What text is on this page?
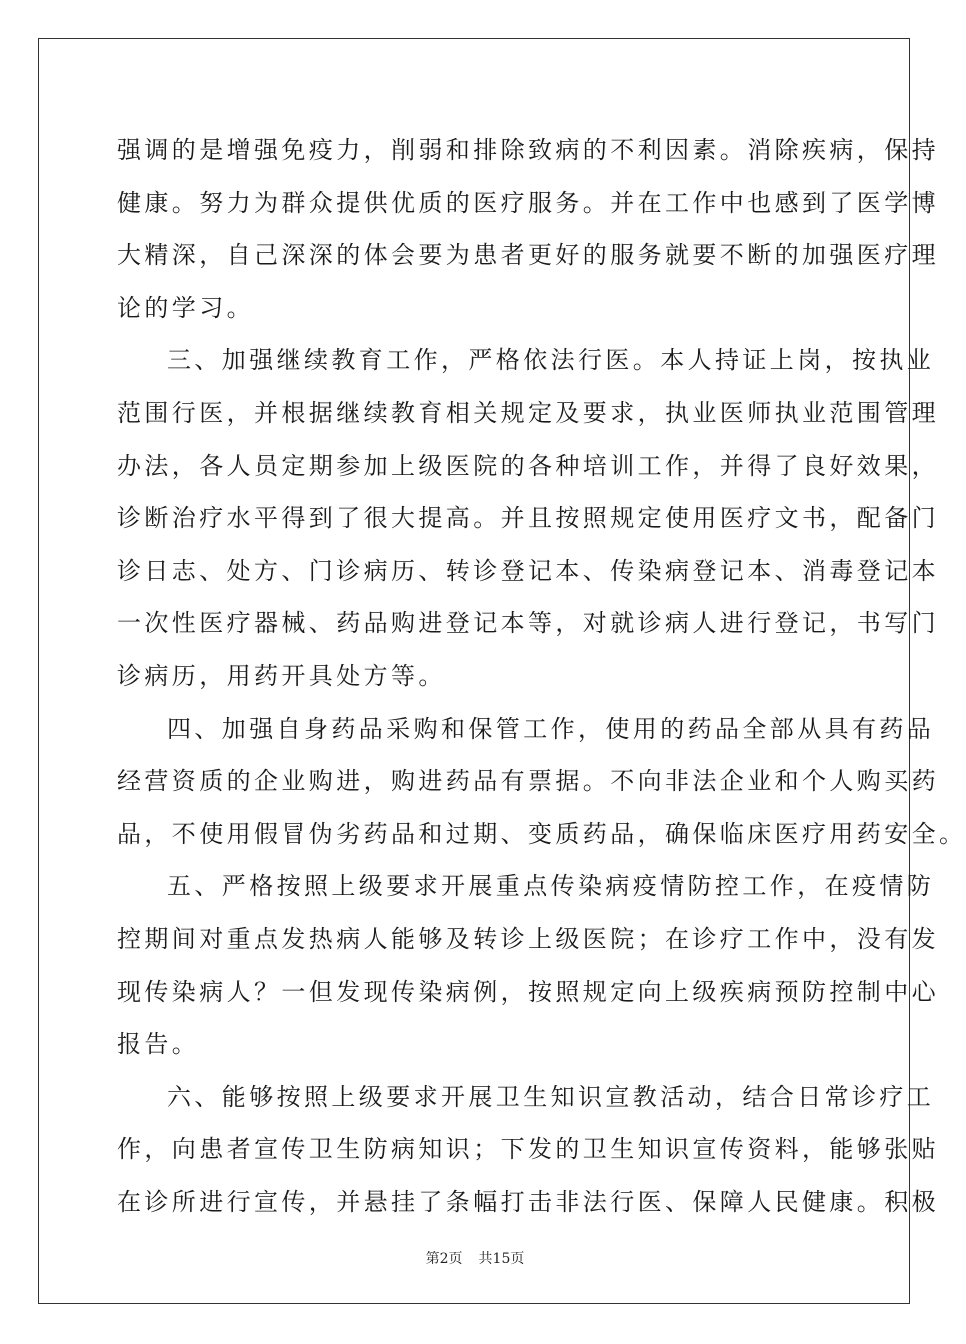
强调的是增强免疫力，削弱和排除致病的不利因素。消除疾病，保持
健康。努力为群众提供优质的医疗服务。并在工作中也感到了医学博
大精深，自己深深的体会要为患者更好的服务就要不断的加强医疗理
论的学习。
三、加强继续教育工作，严格依法行医。本人持证上岗，按执业
范围行医，并根据继续教育相关规定及要求，执业医师执业范围管理
办法，各人员定期参加上级医院的各种培训工作，并得了良好效果，
诊断治疗水平得到了很大提高。并且按照规定使用医疗文书，配备门
诊日志、处方、门诊病历、转诊登记本、传染病登记本、消毒登记本
一次性医疗器械、药品购进登记本等，对就诊病人进行登记，书写门
诊病历，用药开具处方等。
四、加强自身药品采购和保管工作，使用的药品全部从具有药品
经营资质的企业购进，购进药品有票据。不向非法企业和个人购买药
品，不使用假冒伪劣药品和过期、变质药品，确保临床医疗用药安全。
五、严格按照上级要求开展重点传染病疫情防控工作，在疫情防
控期间对重点发热病人能够及转诊上级医院；在诊疗工作中，没有发
现传染病人？一但发现传染病例，按照规定向上级疾病预防控制中心
报告。
六、能够按照上级要求开展卫生知识宣教活动，结合日常诊疗工
作，向患者宣传卫生防病知识；下发的卫生知识宣传资料，能够张贴
在诊所进行宣传，并悬挂了条幅打击非法行医、保障人民健康。积极
第2页 共15页
